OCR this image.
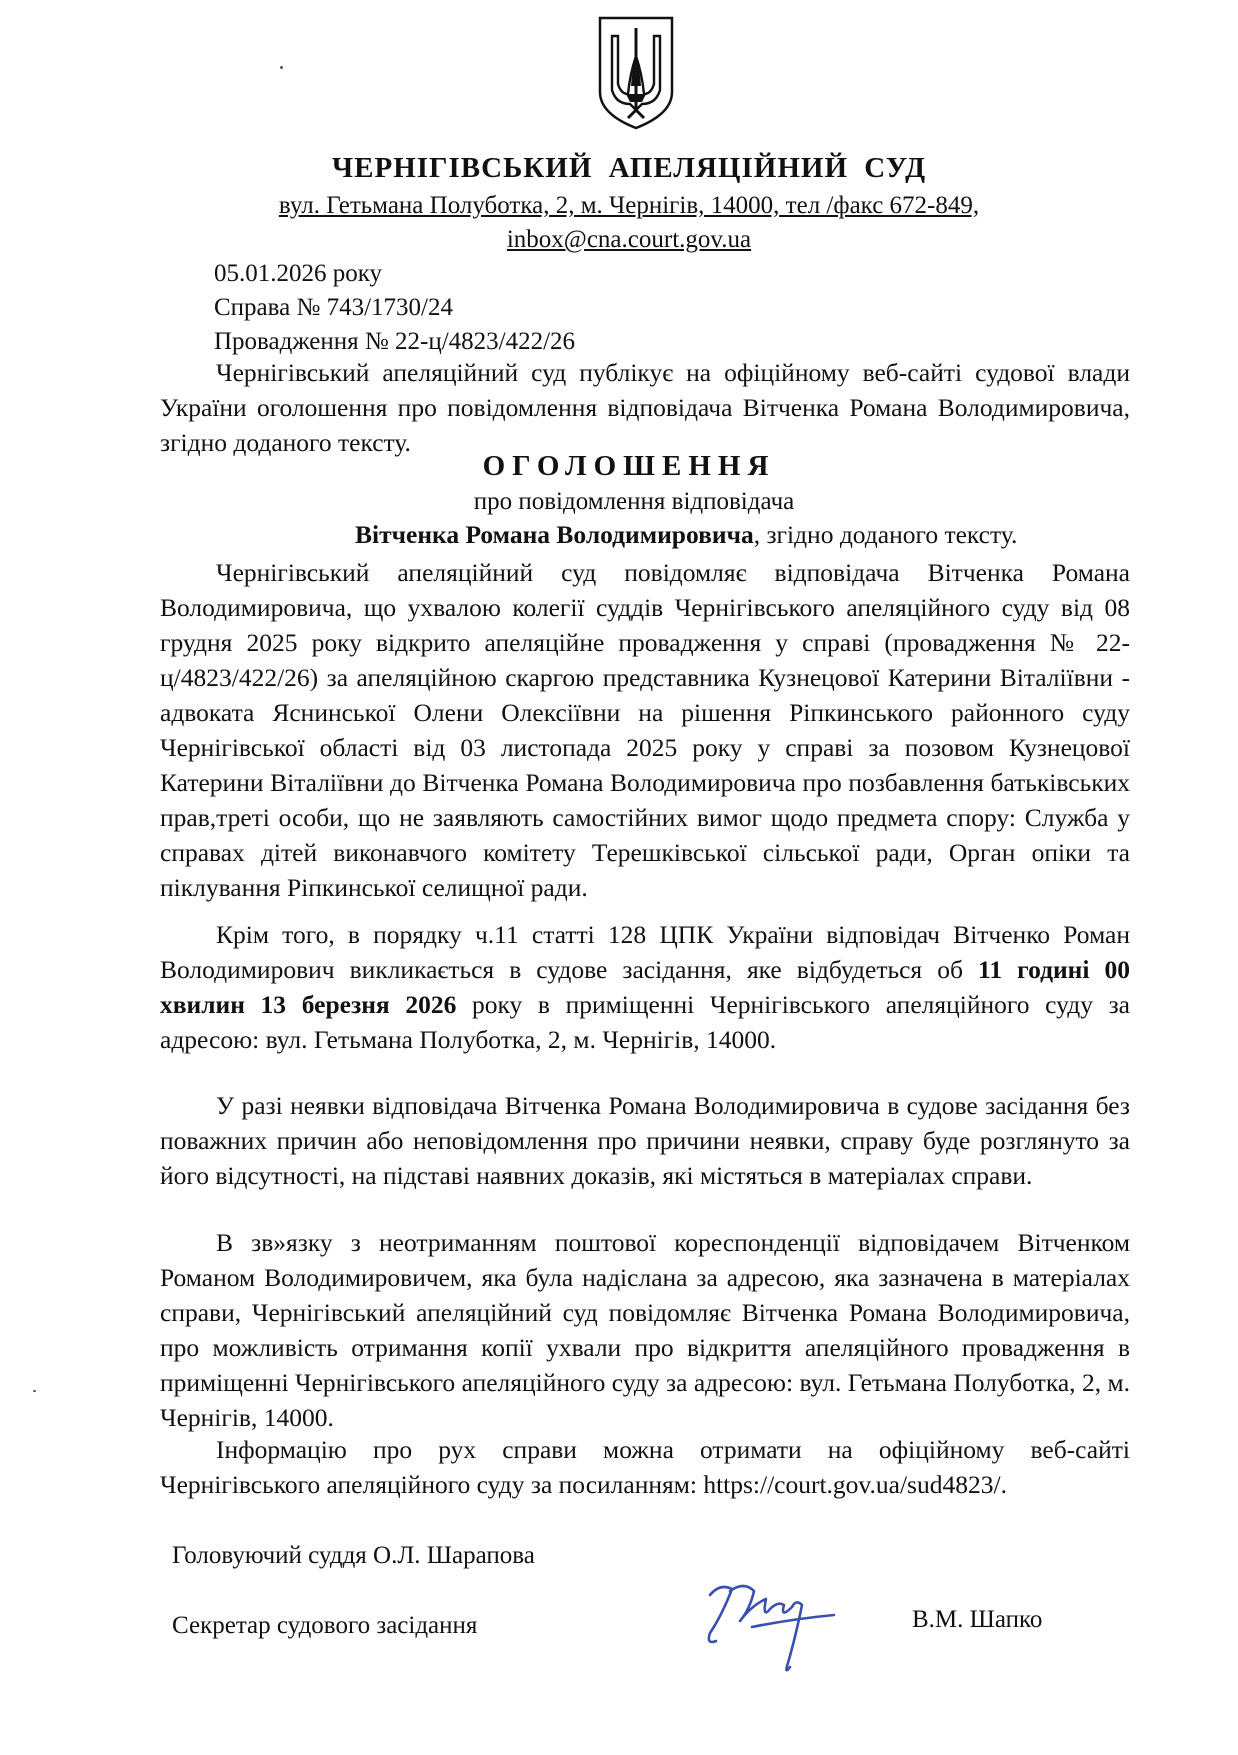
ЧЕРНІГІВСЬКИЙ АПЕЛЯЦІЙНИЙ СУД
вул. Гетьмана Полуботка, 2, м. Чернігів, 14000, тел /факс 672-849,
inbox@cna.court.gov.ua
05.01.2026 року
Справа № 743/1730/24
Провадження № 22-ц/4823/422/26
Чернігівський апеляційний суд публікує на офіційному веб-сайті судової влади України оголошення про повідомлення відповідача Вітченка Романа Володимировича, згідно доданого тексту.
ОГОЛОШЕННЯ
про повідомлення відповідача
Вітченка Романа Володимировича, згідно доданого тексту.
Чернігівський апеляційний суд повідомляє відповідача Вітченка Романа Володимировича, що ухвалою колегії суддів Чернігівського апеляційного суду від 08 грудня 2025 року відкрито апеляційне провадження у справі (провадження № 22-ц/4823/422/26) за апеляційною скаргою представника Кузнецової Катерини Віталіївни - адвоката Яснинської Олени Олексіївни на рішення Ріпкинського районного суду Чернігівської області від 03 листопада 2025 року у справі за позовом Кузнецової Катерини Віталіївни до Вітченка Романа Володимировича про позбавлення батьківських прав,треті особи, що не заявляють самостійних вимог щодо предмета спору: Служба у справах дітей виконавчого комітету Терешківської сільської ради, Орган опіки та піклування Ріпкинської селищної ради.
Крім того, в порядку ч.11 статті 128 ЦПК України відповідач Вітченко Роман Володимирович викликається в судове засідання, яке відбудеться об 11 годині 00 хвилин 13 березня 2026 року в приміщенні Чернігівського апеляційного суду за адресою: вул. Гетьмана Полуботка, 2, м. Чернігів, 14000.
У разі неявки відповідача Вітченка Романа Володимировича в судове засідання без поважних причин або неповідомлення про причини неявки, справу буде розглянуто за його відсутності, на підставі наявних доказів, які містяться в матеріалах справи.
В зв»язку з неотриманням поштової кореспонденції відповідачем Вітченком Романом Володимировичем, яка була надіслана за адресою, яка зазначена в матеріалах справи, Чернігівський апеляційний суд повідомляє Вітченка Романа Володимировича, про можливість отримання копії ухвали про відкриття апеляційного провадження в приміщенні Чернігівського апеляційного суду за адресою: вул. Гетьмана Полуботка, 2, м. Чернігів, 14000.
Інформацію про рух справи можна отримати на офіційному веб-сайті Чернігівського апеляційного суду за посиланням: https://court.gov.ua/sud4823/.
Головуючий суддя О.Л. Шарапова
Секретар судового засідання	В.М. Шапко
